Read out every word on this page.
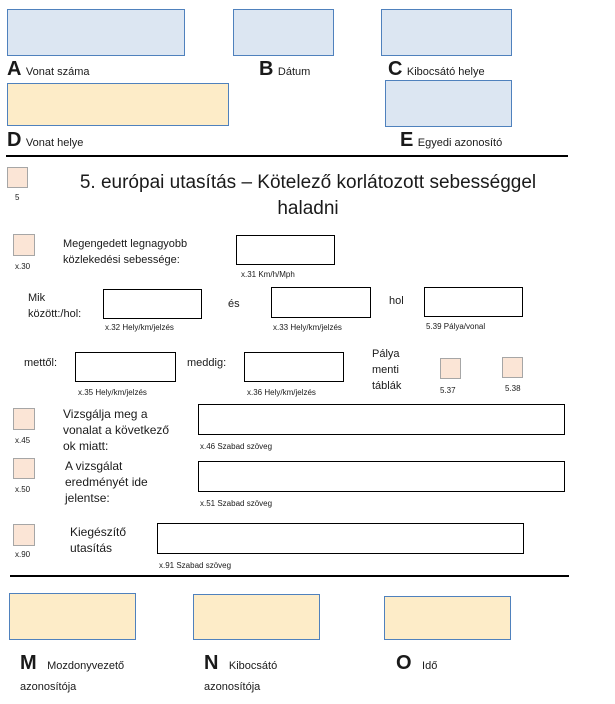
A Vonat száma	B Dátum	C Kibocsátó helye
D Vonat helye	E Egyedi azonosító
5
5. európai utasítás – Kötelező korlátozott sebességgel
haladni
x.30
Megengedett legnagyobb közlekedési sebessége:
x.31 Km/h/Mph
Mik között:/hol:
x.32 Hely/km/jelzés
és
x.33 Hely/km/jelzés
hol
5.39 Pálya/vonal
mettől:
x.35 Hely/km/jelzés
meddig:
x.36 Hely/km/jelzés
Pálya menti táblák	5.37	5.38
x.45
Vizsgálja meg a vonalat a következő ok miatt:	x.46 Szabad szöveg
x.50
A vizsgálat eredményét ide jelentse:	x.51 Szabad szöveg
x.90
Kiegészítő utasítás
x.91 Szabad szöveg
M Mozdonyvezető
azonosítója
N Kibocsátó
azonosítója
O Idő
